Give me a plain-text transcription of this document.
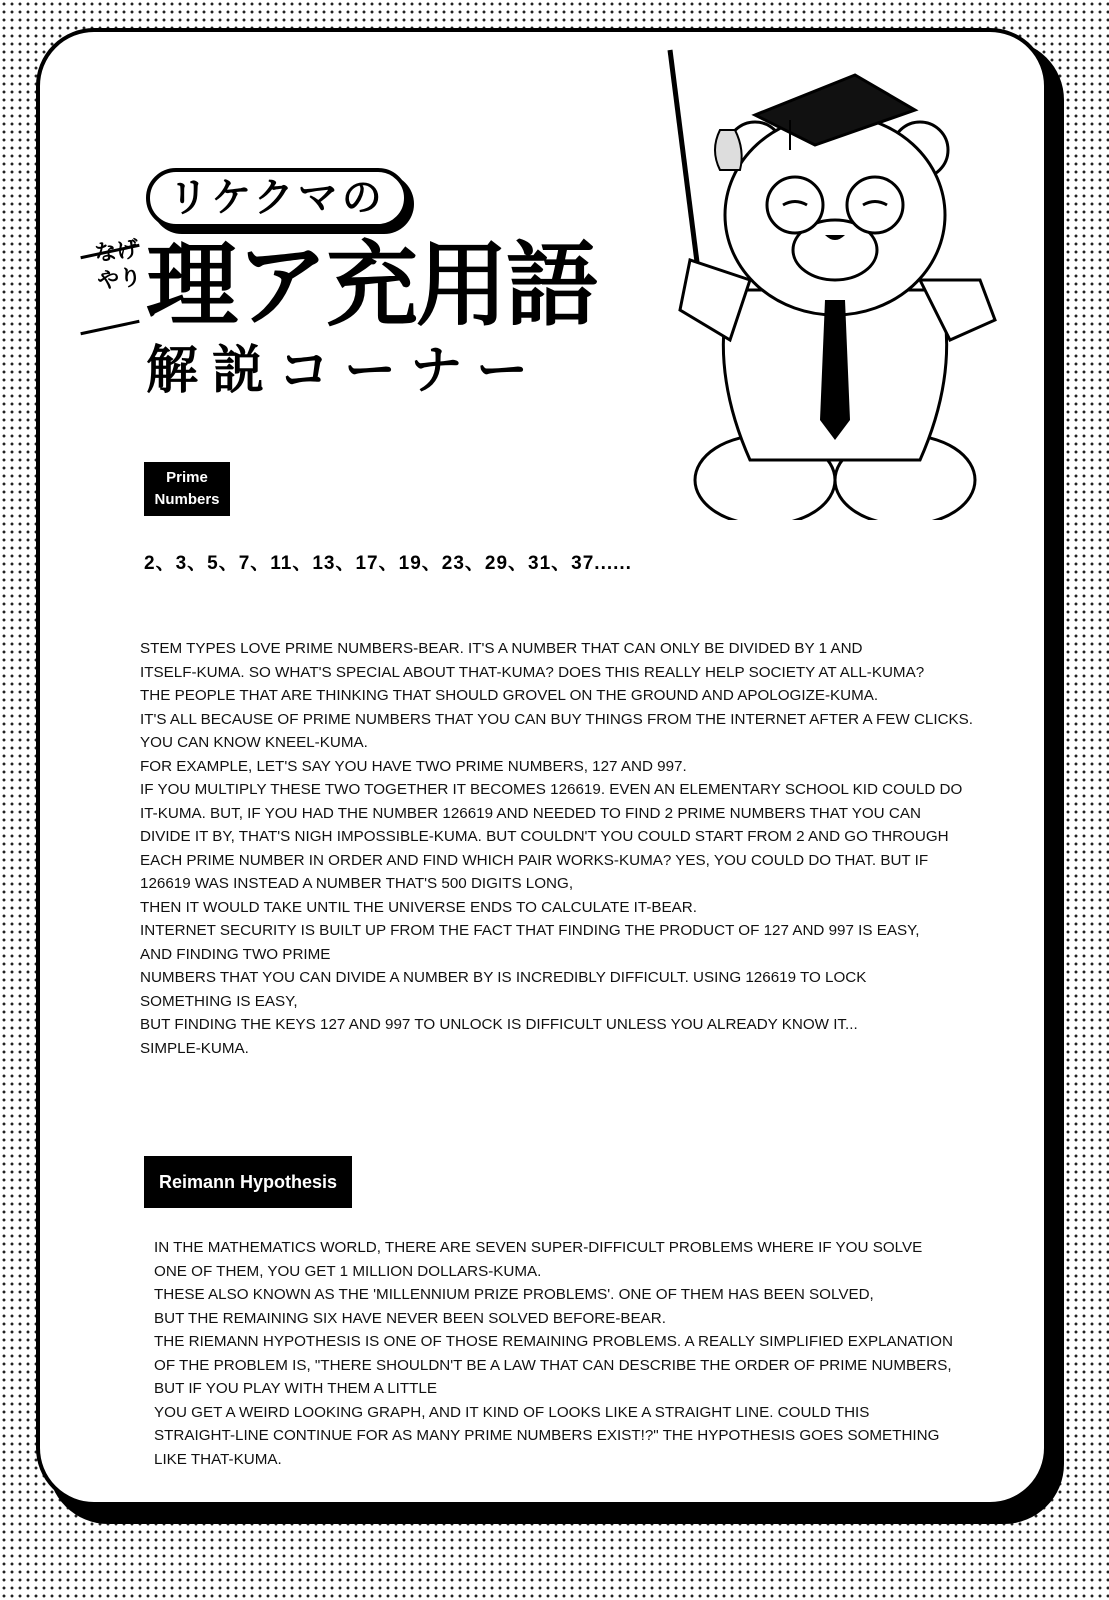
リケクマの
なげ
やり 理ア充用語
解説コーナー
Prime
Numbers
2、3、5、7、11、13、17、19、23、29、31、37......
STEM TYPES LOVE PRIME NUMBERS-BEAR. IT'S A NUMBER THAT CAN ONLY BE DIVIDED BY 1 AND
ITSELF-KUMA. SO WHAT'S SPECIAL ABOUT THAT-KUMA? DOES THIS REALLY HELP SOCIETY AT ALL-KUMA?
THE PEOPLE THAT ARE THINKING THAT SHOULD GROVEL ON THE GROUND AND APOLOGIZE-KUMA.
IT'S ALL BECAUSE OF PRIME NUMBERS THAT YOU CAN BUY THINGS FROM THE INTERNET AFTER A FEW CLICKS.
YOU CAN KNOW KNEEL-KUMA.
FOR EXAMPLE, LET'S SAY YOU HAVE TWO PRIME NUMBERS, 127 AND 997.
IF YOU MULTIPLY THESE TWO TOGETHER IT BECOMES 126619. EVEN AN ELEMENTARY SCHOOL KID COULD DO
IT-KUMA. BUT, IF YOU HAD THE NUMBER 126619 AND NEEDED TO FIND 2 PRIME NUMBERS THAT YOU CAN
DIVIDE IT BY, THAT'S NIGH IMPOSSIBLE-KUMA. BUT COULDN'T YOU COULD START FROM 2 AND GO THROUGH
EACH PRIME NUMBER IN ORDER AND FIND WHICH PAIR WORKS-KUMA? YES, YOU COULD DO THAT. BUT IF
126619 WAS INSTEAD A NUMBER THAT'S 500 DIGITS LONG,
THEN IT WOULD TAKE UNTIL THE UNIVERSE ENDS TO CALCULATE IT-BEAR.
INTERNET SECURITY IS BUILT UP FROM THE FACT THAT FINDING THE PRODUCT OF 127 AND 997 IS EASY,
AND FINDING TWO PRIME
NUMBERS THAT YOU CAN DIVIDE A NUMBER BY IS INCREDIBLY DIFFICULT. USING 126619 TO LOCK
SOMETHING IS EASY,
BUT FINDING THE KEYS 127 AND 997 TO UNLOCK IS DIFFICULT UNLESS YOU ALREADY KNOW IT...
SIMPLE-KUMA.
Reimann Hypothesis
IN THE MATHEMATICS WORLD, THERE ARE SEVEN SUPER-DIFFICULT PROBLEMS WHERE IF YOU SOLVE
ONE OF THEM, YOU GET 1 MILLION DOLLARS-KUMA.
THESE ALSO KNOWN AS THE 'MILLENNIUM PRIZE PROBLEMS'. ONE OF THEM HAS BEEN SOLVED,
BUT THE REMAINING SIX HAVE NEVER BEEN SOLVED BEFORE-BEAR.
THE RIEMANN HYPOTHESIS IS ONE OF THOSE REMAINING PROBLEMS. A REALLY SIMPLIFIED EXPLANATION
OF THE PROBLEM IS, "THERE SHOULDN'T BE A LAW THAT CAN DESCRIBE THE ORDER OF PRIME NUMBERS,
BUT IF YOU PLAY WITH THEM A LITTLE
YOU GET A WEIRD LOOKING GRAPH, AND IT KIND OF LOOKS LIKE A STRAIGHT LINE. COULD THIS
STRAIGHT-LINE CONTINUE FOR AS MANY PRIME NUMBERS EXIST!?" THE HYPOTHESIS GOES SOMETHING
LIKE THAT-KUMA.
